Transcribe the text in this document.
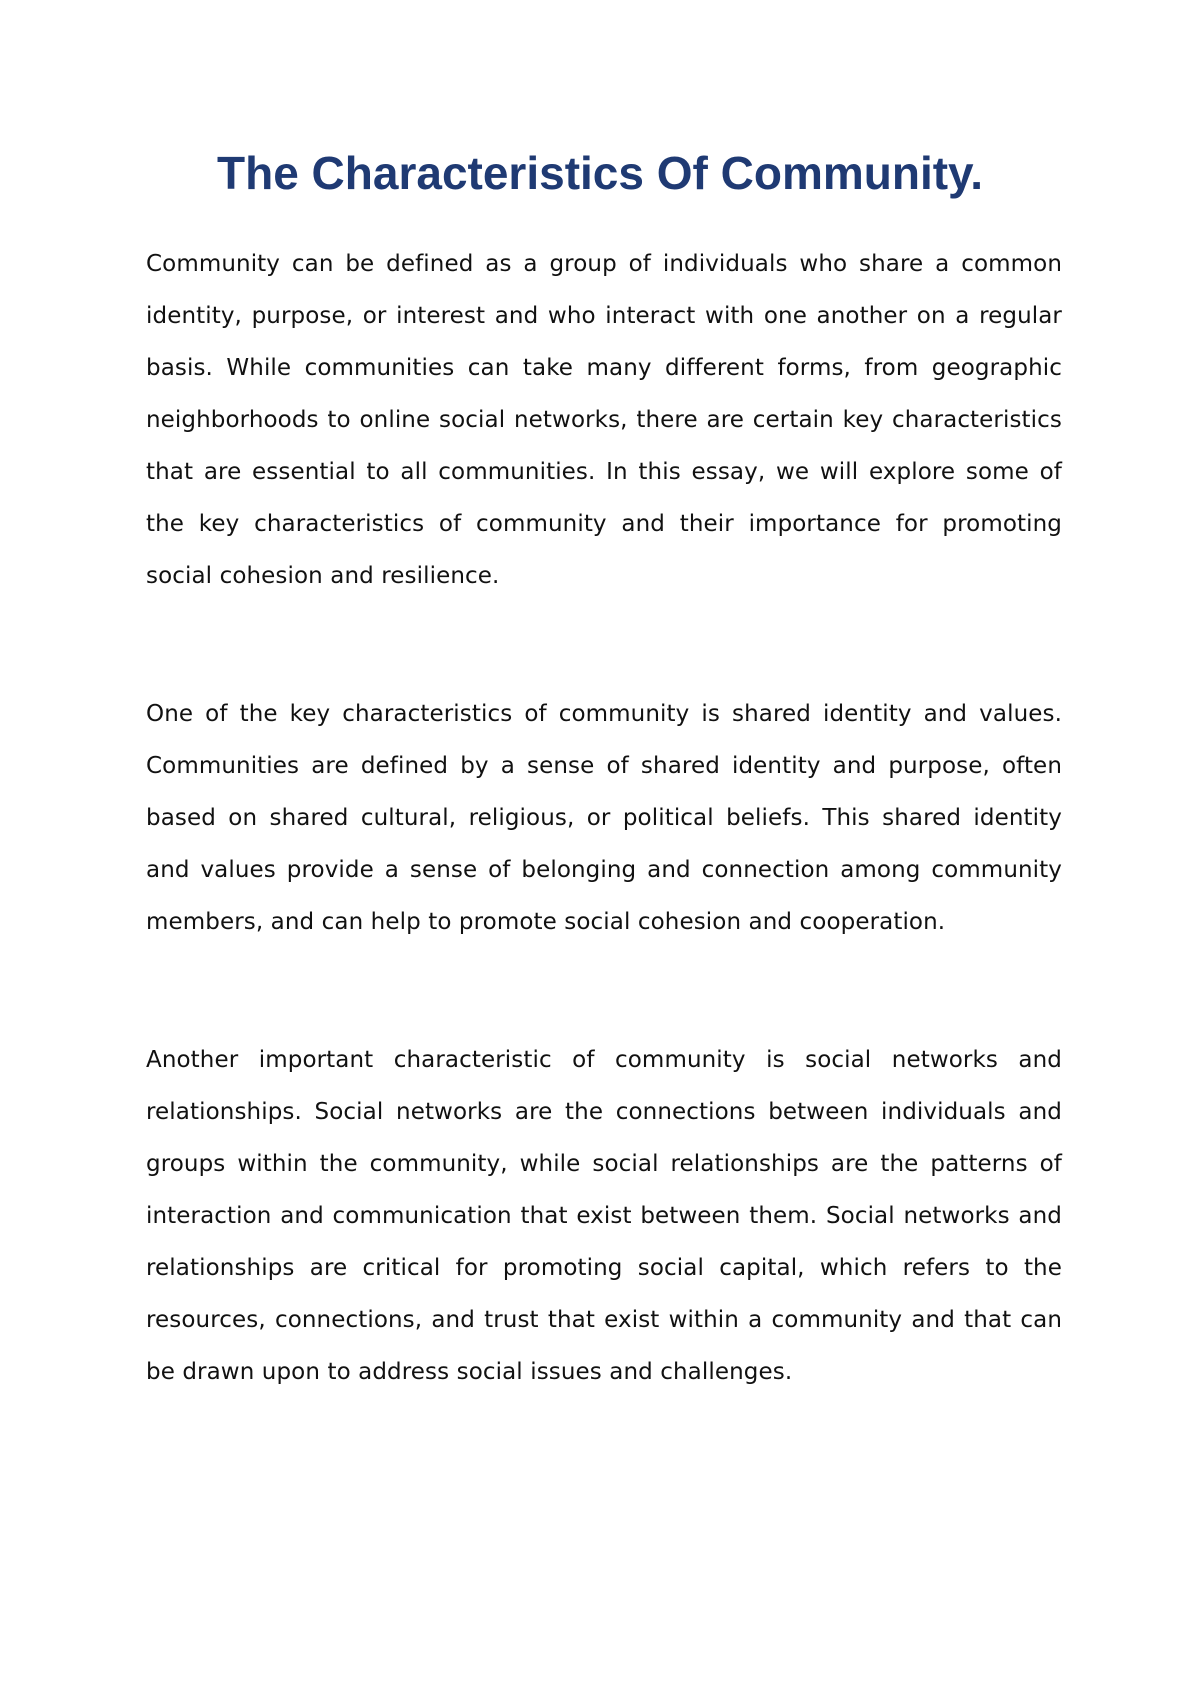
The Characteristics Of Community.

Community can be defined as a group of individuals who share a common identity, purpose, or interest and who interact with one another on a regular basis. While communities can take many different forms, from geographic neighborhoods to online social networks, there are certain key characteristics that are essential to all communities. In this essay, we will explore some of the key characteristics of community and their importance for promoting social cohesion and resilience.

One of the key characteristics of community is shared identity and values. Communities are defined by a sense of shared identity and purpose, often based on shared cultural, religious, or political beliefs. This shared identity and values provide a sense of belonging and connection among community members, and can help to promote social cohesion and cooperation.

Another important characteristic of community is social networks and relationships. Social networks are the connections between individuals and groups within the community, while social relationships are the patterns of interaction and communication that exist between them. Social networks and relationships are critical for promoting social capital, which refers to the resources, connections, and trust that exist within a community and that can be drawn upon to address social issues and challenges.
